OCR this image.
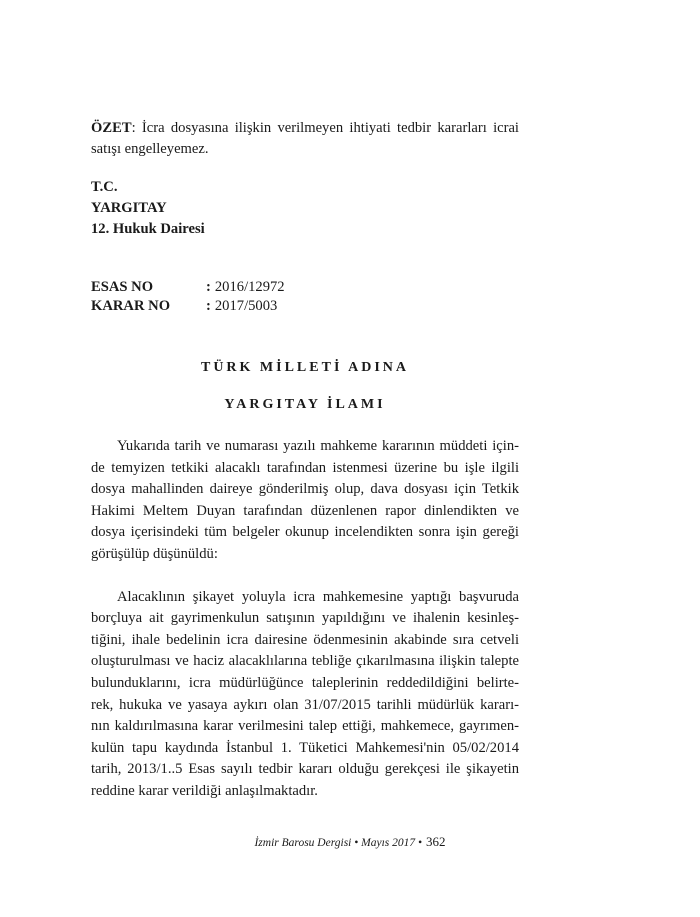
ÖZET: İcra dosyasına ilişkin verilmeyen ihtiyati tedbir kararları icrai satışı engelleyemez.

T.C.
YARGITAY
12. Hukuk Dairesi
ESAS NO	: 2016/12972
KARAR NO	: 2017/5003
TÜRK MİLLETİ ADINA
YARGITAY İLAMI

Yukarıda tarih ve numarası yazılı mahkeme kararının müddeti için-
de temyizen tetkiki alacaklı tarafından istenmesi üzerine bu işle ilgili
dosya mahallinden daireye gönderilmiş olup, dava dosyası için Tetkik
Hakimi Meltem Duyan tarafından düzenlenen rapor dinlendikten ve
dosya içerisindeki tüm belgeler okunup incelendikten sonra işin gereği
görüşülüp düşünüldü:

Alacaklının şikayet yoluyla icra mahkemesine yaptığı başvuruda
borçluya ait gayrimenkulun satışının yapıldığını ve ihalenin kesinleş-
tiğini, ihale bedelinin icra dairesine ödenmesinin akabinde sıra cetveli
oluşturulması ve haciz alacaklılarına tebliğe çıkarılmasına ilişkin talepte
bulunduklarını, icra müdürlüğünce taleplerinin reddedildiğini belirte-
rek, hukuka ve yasaya aykırı olan 31/07/2015 tarihli müdürlük kararı-
nın kaldırılmasına karar verilmesini talep ettiği, mahkemece, gayrımen-
kulün tapu kaydında İstanbul 1. Tüketici Mahkemesi'nin 05/02/2014
tarih, 2013/1..5 Esas sayılı tedbir kararı olduğu gerekçesi ile şikayetin
reddine karar verildiği anlaşılmaktadır.

İzmir Barosu Dergisi • Mayıs 2017 • 362
